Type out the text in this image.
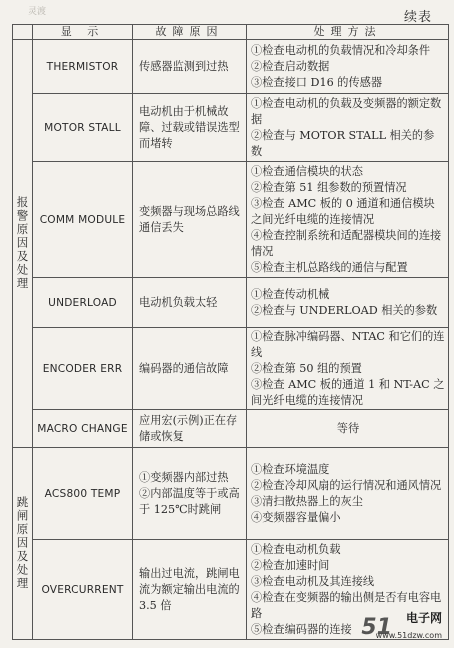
灵渡	续表
	显 示	故障原因	处理方法
报警原因及处理	THERMISTOR	传感器监测到过热	①检查电动机的负载情况和冷却条件
②检查启动数据
③检查接口 D16 的传感器

	MOTOR STALL	电动机由于机械故障、过载或错误选型而堵转	①检查电动机的负载及变频器的额定数据
②检查与 MOTOR STALL 相关的参数

	COMM MODULE	变频器与现场总路线通信丢失	①检查通信模块的状态
②检查第 51 组参数的预置情况
③检查 AMC 板的 0 通道和通信模块之间光纤电缆的连接情况
④检查控制系统和适配器模块间的连接情况
⑤检查主机总路线的通信与配置

	UNDERLOAD	电动机负载太轻	①检查传动机械
②检查与 UNDERLOAD 相关的参数

	ENCODER ERR	编码器的通信故障	①检查脉冲编码器、NTAC 和它们的连线
②检查第 50 组的预置
③检查 AMC 板的通道 1 和 NT-AC 之间光纤电缆的连接情况

	MACRO CHANGE	应用宏(示例)正在存储或恢复	等待

跳闸原因及处理	ACS800 TEMP	①变频器内部过热 ②内部温度等于或高于 125℃时跳闸	①检查环境温度
②检查冷却风扇的运行情况和通风情况
③清扫散热器上的灰尘
④变频器容量偏小

	OVERCURRENT	输出过电流，跳闸电流为额定输出电流的 3.5 倍	①检查电动机负载
②检查加速时间
③检查电动机及其连接线
④检查在变频器的输出侧是否有电容电路
⑤检查编码器的连接 51 电子网
www.51dzw.com
